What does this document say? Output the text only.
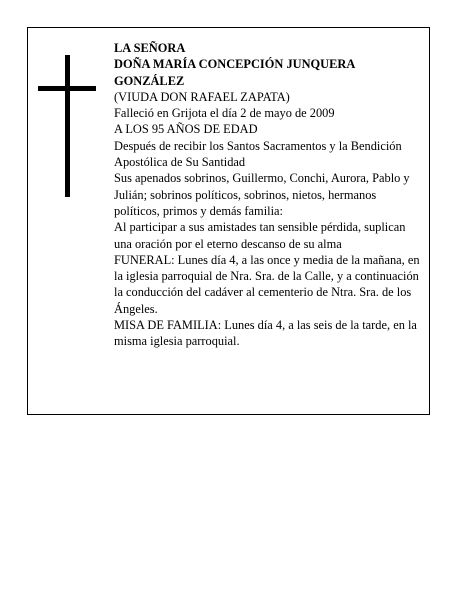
LA SEÑORA

DOÑA MARÍA CONCEPCIÓN JUNQUERA GONZÁLEZ

(VIUDA DON RAFAEL ZAPATA)

Falleció en Grijota el día 2 de mayo de 2009

A LOS 95 AÑOS DE EDAD

Después de recibir los Santos Sacramentos y la Bendición Apostólica de Su Santidad

Sus apenados sobrinos, Guillermo, Conchi, Aurora, Pablo y Julián; sobrinos políticos, sobrinos, nietos, hermanos políticos, primos y demás familia:

Al participar a sus amistades tan sensible pérdida, suplican una oración por el eterno descanso de su alma

FUNERAL: Lunes día 4, a las once y media de la mañana, en la iglesia parroquial de Nra. Sra. de la Calle, y a continuación la conducción del cadáver al cementerio de Ntra. Sra. de los Ángeles.

MISA DE FAMILIA: Lunes día 4, a las seis de la tarde, en la misma iglesia parroquial.
